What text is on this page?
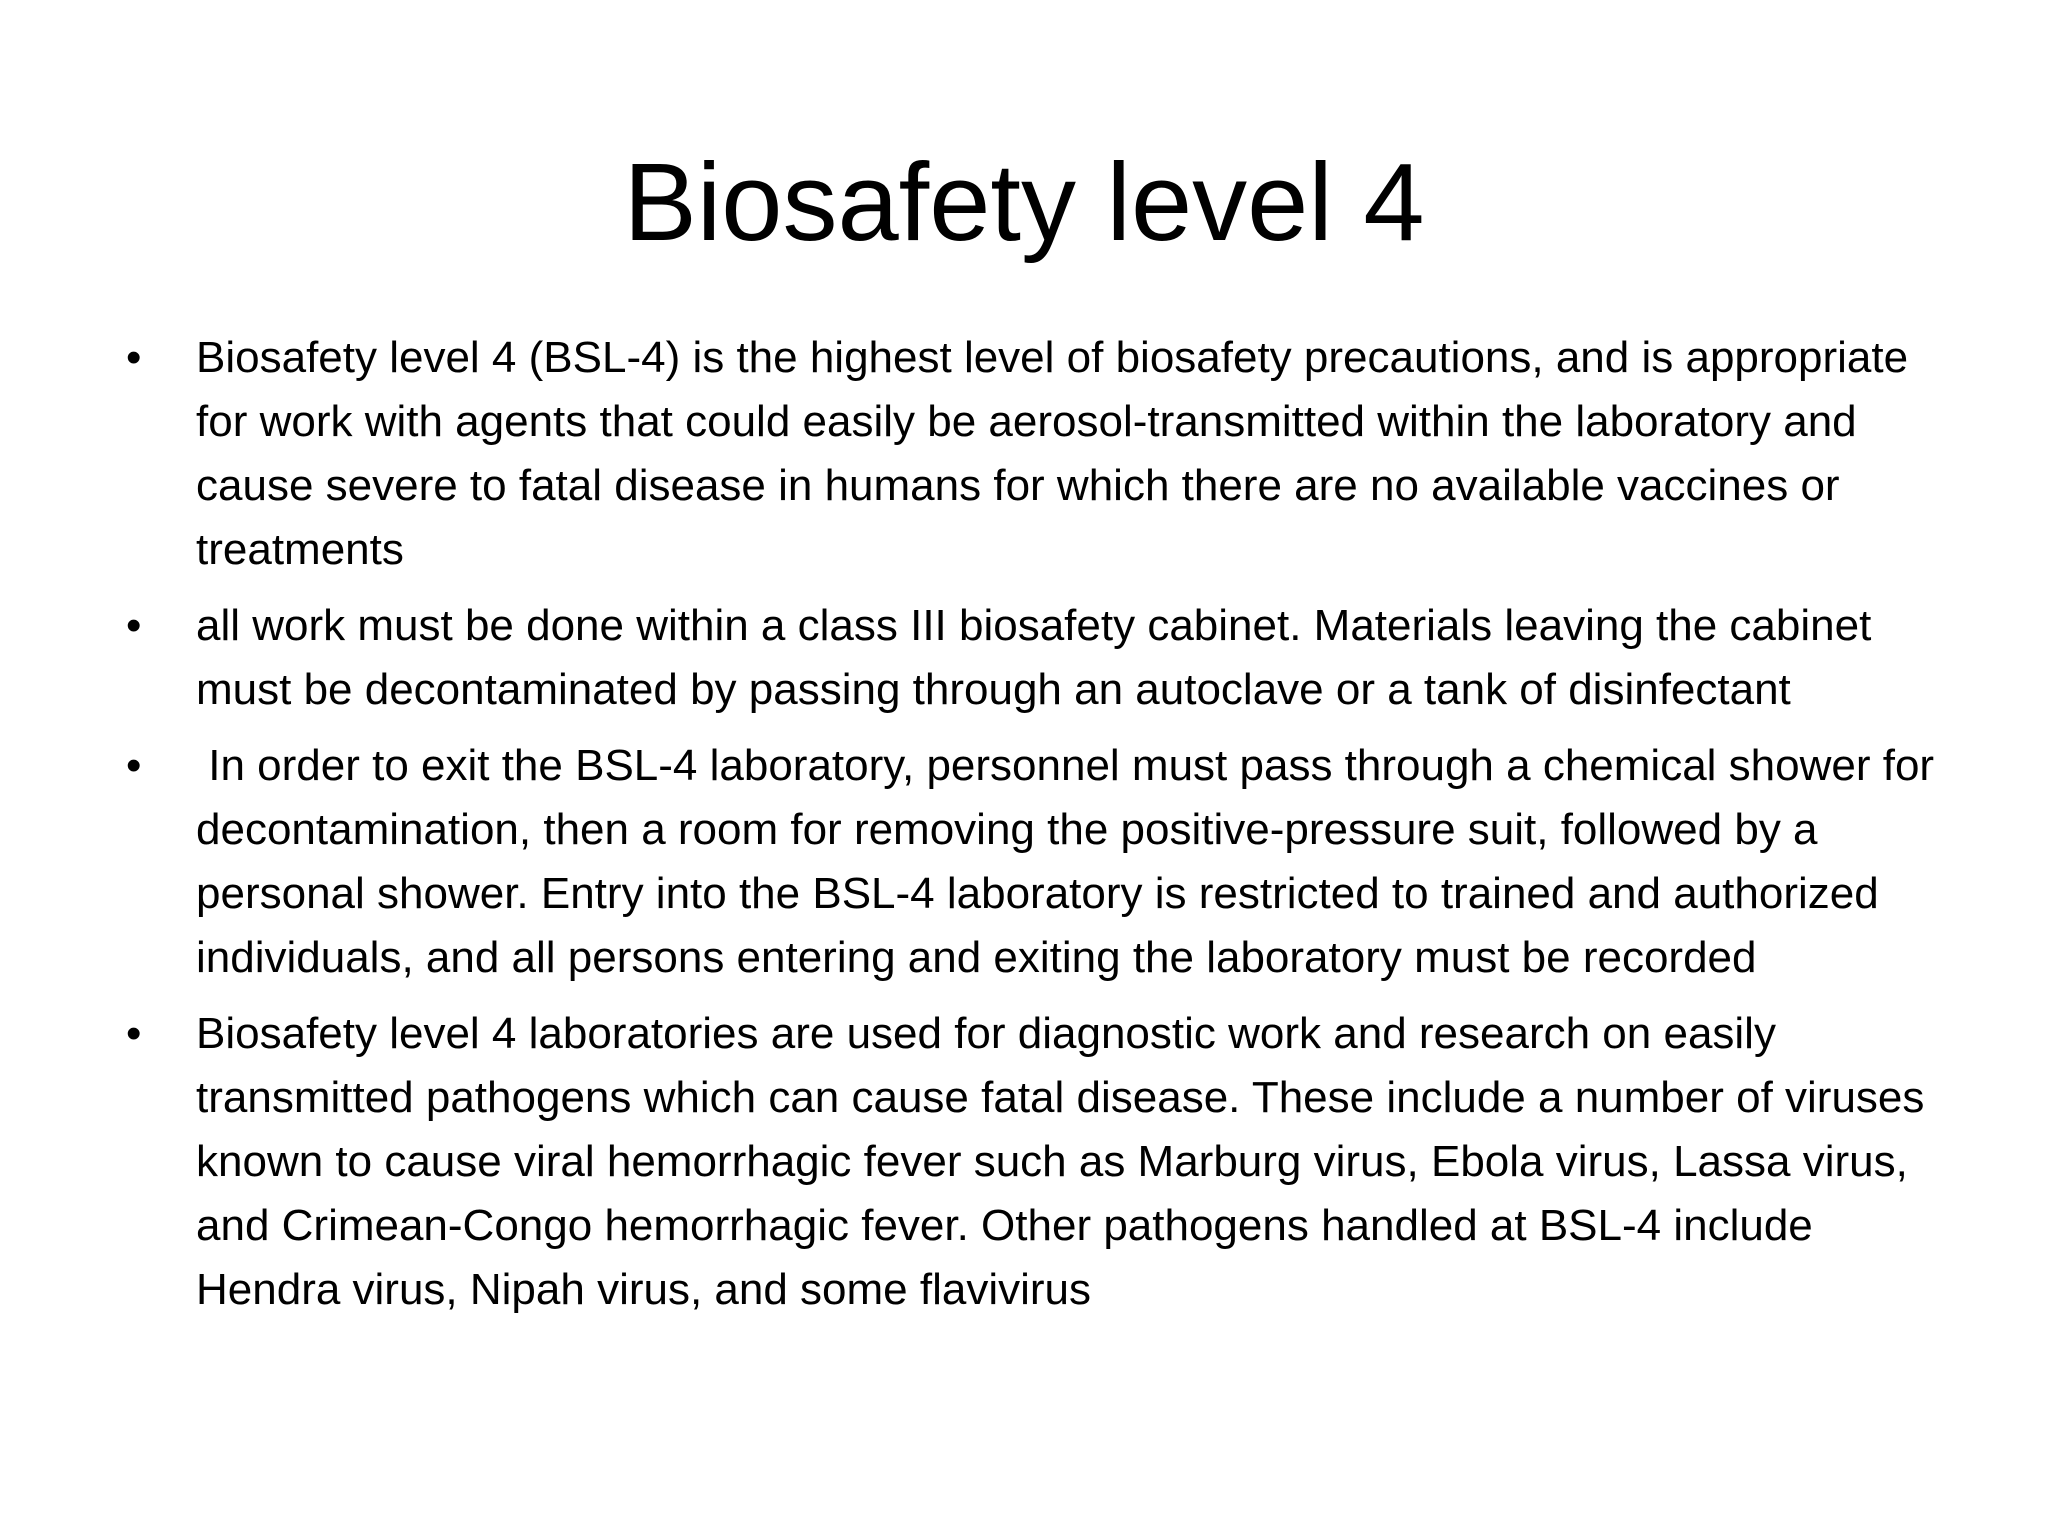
Biosafety level 4
•	Biosafety level 4 (BSL-4) is the highest level of biosafety precautions, and is appropriate for work with agents that could easily be aerosol-transmitted within the laboratory and cause severe to fatal disease in humans for which there are no available vaccines or treatments
•	all work must be done within a class III biosafety cabinet. Materials leaving the cabinet must be decontaminated by passing through an autoclave or a tank of disinfectant
•	In order to exit the BSL-4 laboratory, personnel must pass through a chemical shower for decontamination, then a room for removing the positive-pressure suit, followed by a personal shower. Entry into the BSL-4 laboratory is restricted to trained and authorized individuals, and all persons entering and exiting the laboratory must be recorded
•	Biosafety level 4 laboratories are used for diagnostic work and research on easily transmitted pathogens which can cause fatal disease. These include a number of viruses known to cause viral hemorrhagic fever such as Marburg virus, Ebola virus, Lassa virus, and Crimean-Congo hemorrhagic fever. Other pathogens handled at BSL-4 include Hendra virus, Nipah virus, and some flavivirus
